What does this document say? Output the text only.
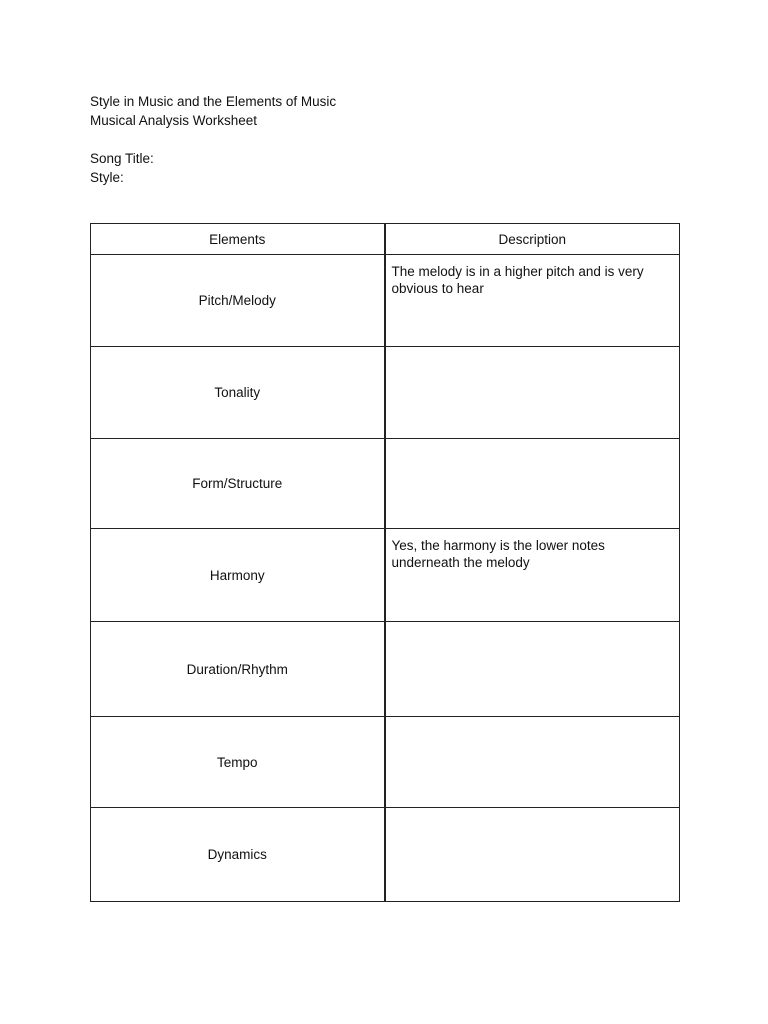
Style in Music and the Elements of Music
Musical Analysis Worksheet
Song Title:
Style:
Elements	Description
Pitch/Melody	The melody is in a higher pitch and is very obvious to hear
Tonality	
Form/Structure	
Harmony	Yes, the harmony is the lower notes underneath the melody
Duration/Rhythm	
Tempo	
Dynamics	
